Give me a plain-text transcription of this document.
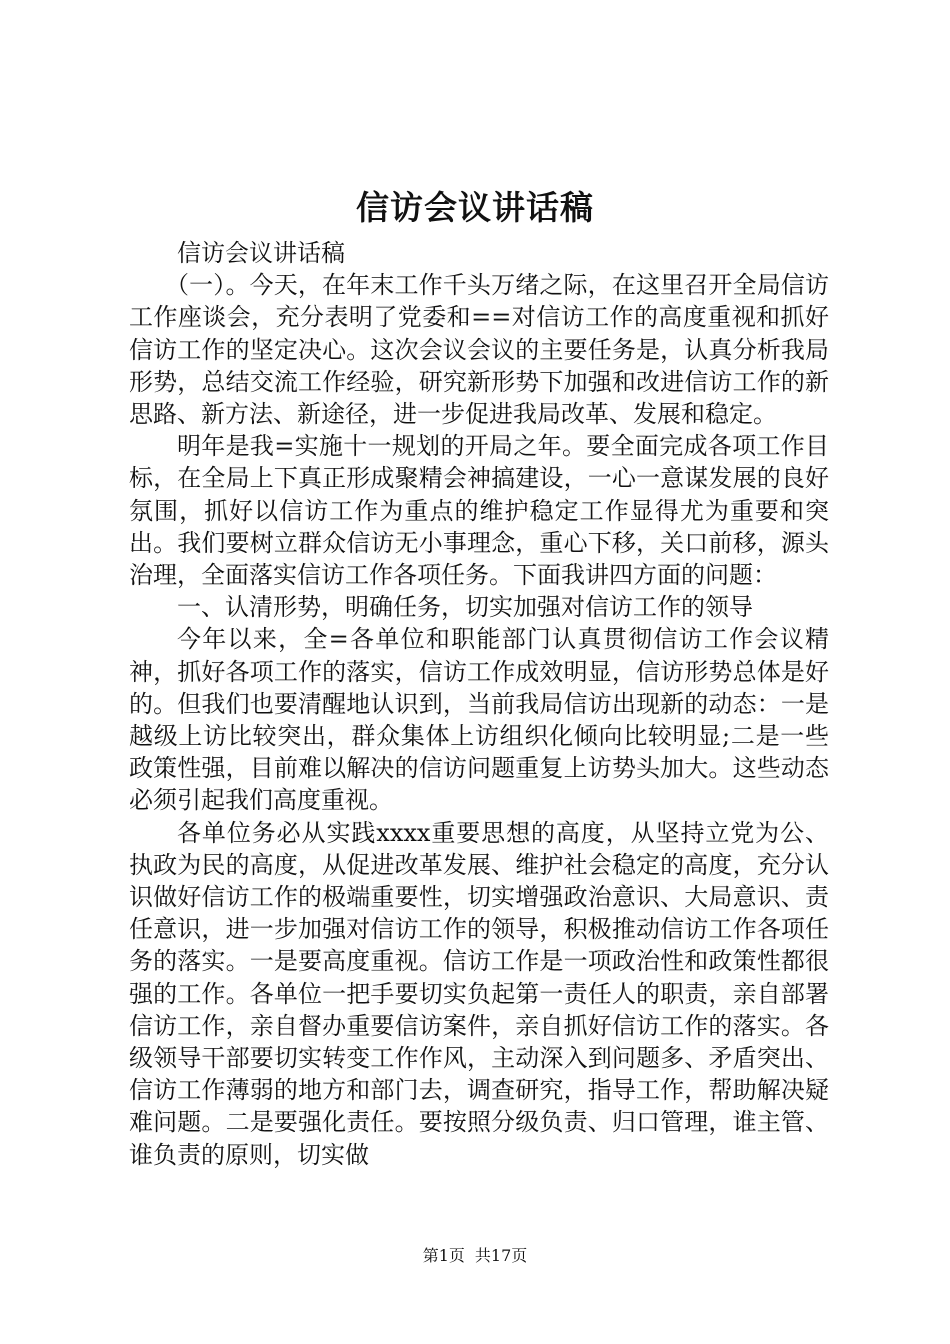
信访会议讲话稿

信访会议讲话稿

（一）。今天，在年末工作千头万绪之际，在这里召开全局信访工作座谈会，充分表明了党委和==对信访工作的高度重视和抓好信访工作的坚定决心。这次会议会议的主要任务是，认真分析我局形势，总结交流工作经验，研究新形势下加强和改进信访工作的新思路、新方法、新途径，进一步促进我局改革、发展和稳定。

明年是我=实施十一规划的开局之年。要全面完成各项工作目标，在全局上下真正形成聚精会神搞建设，一心一意谋发展的良好氛围，抓好以信访工作为重点的维护稳定工作显得尤为重要和突出。我们要树立群众信访无小事理念，重心下移，关口前移，源头治理，全面落实信访工作各项任务。下面我讲四方面的问题：

一、认清形势，明确任务，切实加强对信访工作的领导

今年以来，全=各单位和职能部门认真贯彻信访工作会议精神，抓好各项工作的落实，信访工作成效明显，信访形势总体是好的。但我们也要清醒地认识到，当前我局信访出现新的动态：一是越级上访比较突出，群众集体上访组织化倾向比较明显;二是一些政策性强，目前难以解决的信访问题重复上访势头加大。这些动态必须引起我们高度重视。

各单位务必从实践xxxx重要思想的高度，从坚持立党为公、执政为民的高度，从促进改革发展、维护社会稳定的高度，充分认识做好信访工作的极端重要性，切实增强政治意识、大局意识、责任意识，进一步加强对信访工作的领导，积极推动信访工作各项任务的落实。一是要高度重视。信访工作是一项政治性和政策性都很强的工作。各单位一把手要切实负起第一责任人的职责，亲自部署信访工作，亲自督办重要信访案件，亲自抓好信访工作的落实。各级领导干部要切实转变工作作风，主动深入到问题多、矛盾突出、信访工作薄弱的地方和部门去，调查研究，指导工作，帮助解决疑难问题。二是要强化责任。要按照分级负责、归口管理，谁主管、谁负责的原则，切实做

第1页 共17页
